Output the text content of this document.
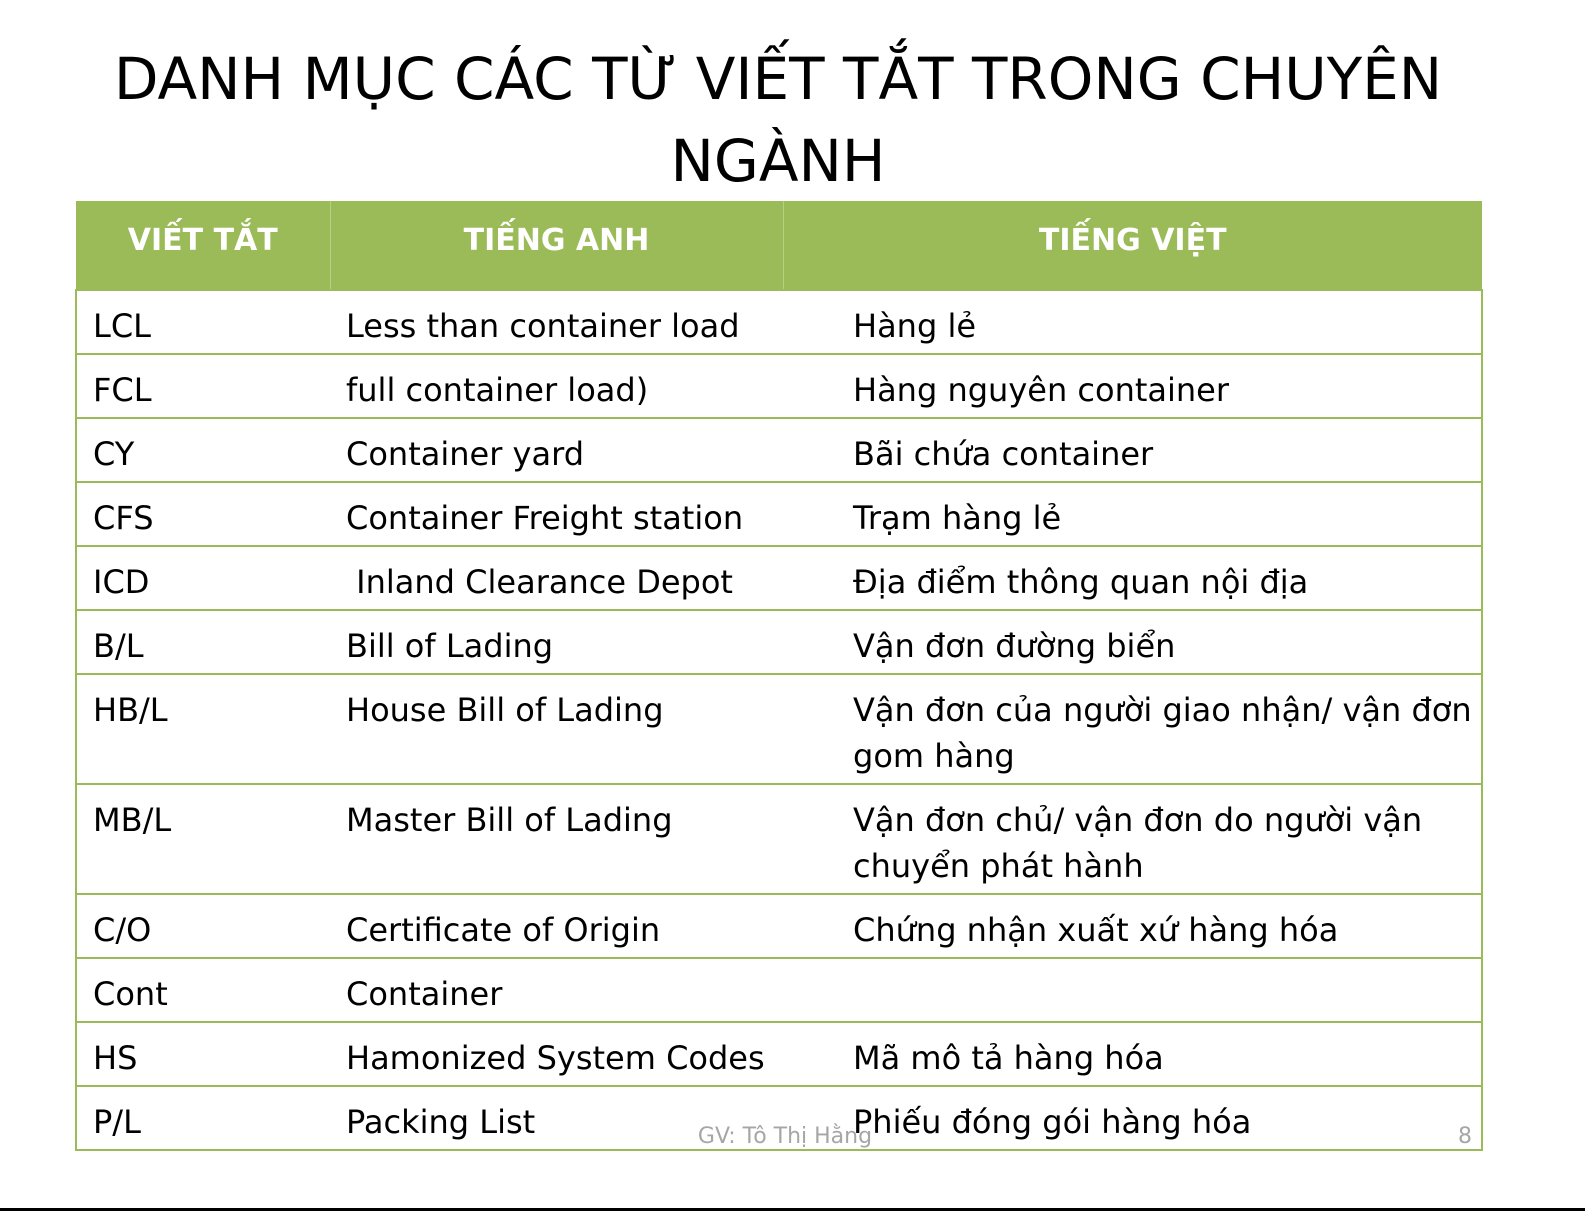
DANH MỤC CÁC TỪ VIẾT TẮT TRONG CHUYÊN NGÀNH
VIẾT TẮT	TIẾNG ANH	TIẾNG VIỆT
LCL	Less than container load	Hàng lẻ
FCL	full container load)	Hàng nguyên container
CY	Container yard	Bãi chứa container
CFS	Container Freight station	Trạm hàng lẻ
ICD	Inland Clearance Depot	Địa điểm thông quan nội địa
B/L	Bill of Lading	Vận đơn đường biển
HB/L	House Bill of Lading	Vận đơn của người giao nhận/ vận đơn gom hàng
MB/L	Master Bill of Lading	Vận đơn chủ/ vận đơn do người vận chuyển phát hành
C/O	Certificate of Origin	Chứng nhận xuất xứ hàng hóa
Cont	Container	
HS	Hamonized System Codes	Mã mô tả hàng hóa
P/L	Packing List	Phiếu đóng gói hàng hóa
GV: Tô Thị Hằng	8
